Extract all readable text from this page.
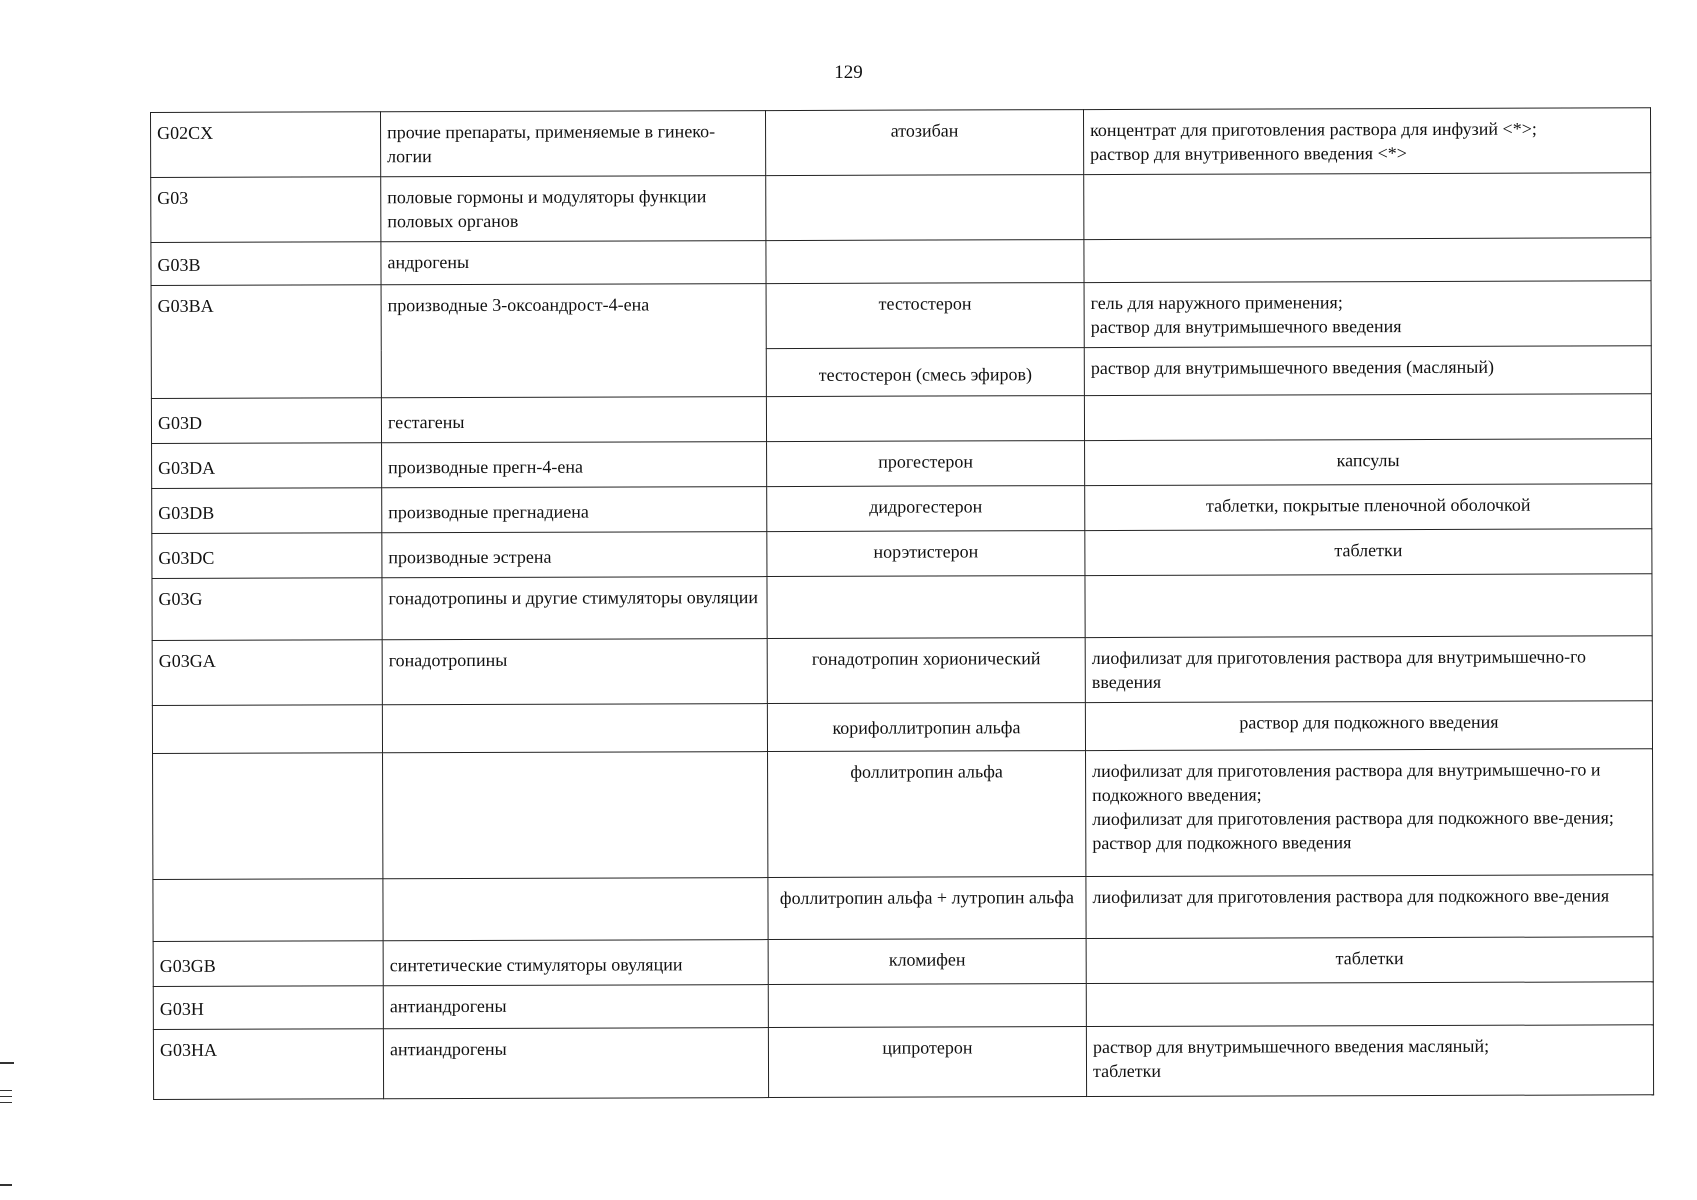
129
G02CX	прочие препараты, применяемые в гинеко-логии	атозибан	концентрат для приготовления раствора для инфузий <*>;
раствор для внутривенного введения <*>
G03	половые гормоны и модуляторы функции половых органов		
G03B	андрогены		
G03BA	производные 3-оксоандрост-4-ена	тестостерон	гель для наружного применения;
раствор для внутримышечного введения
		тестостерон (смесь эфиров)	раствор для внутримышечного введения (масляный)
G03D	гестагены		
G03DA	производные прегн-4-ена	прогестерон	капсулы
G03DB	производные прегнадиена	дидрогестерон	таблетки, покрытые пленочной оболочкой
G03DC	производные эстрена	норэтистерон	таблетки
G03G	гонадотропины и другие стимуляторы овуляции		
G03GA	гонадотропины	гонадотропин хорионический	лиофилизат для приготовления раствора для внутримышечно-го введения
		корифоллитропин альфа	раствор для подкожного введения
		фоллитропин альфа	лиофилизат для приготовления раствора для внутримышечно-го и подкожного введения;
лиофилизат для приготовления раствора для подкожного вве-дения;
раствор для подкожного введения
		фоллитропин альфа + лутропин альфа	лиофилизат для приготовления раствора для подкожного вве-дения
G03GB	синтетические стимуляторы овуляции	кломифен	таблетки
G03H	антиандрогены		
G03HA	антиандрогены	ципротерон	раствор для внутримышечного введения масляный;
таблетки
